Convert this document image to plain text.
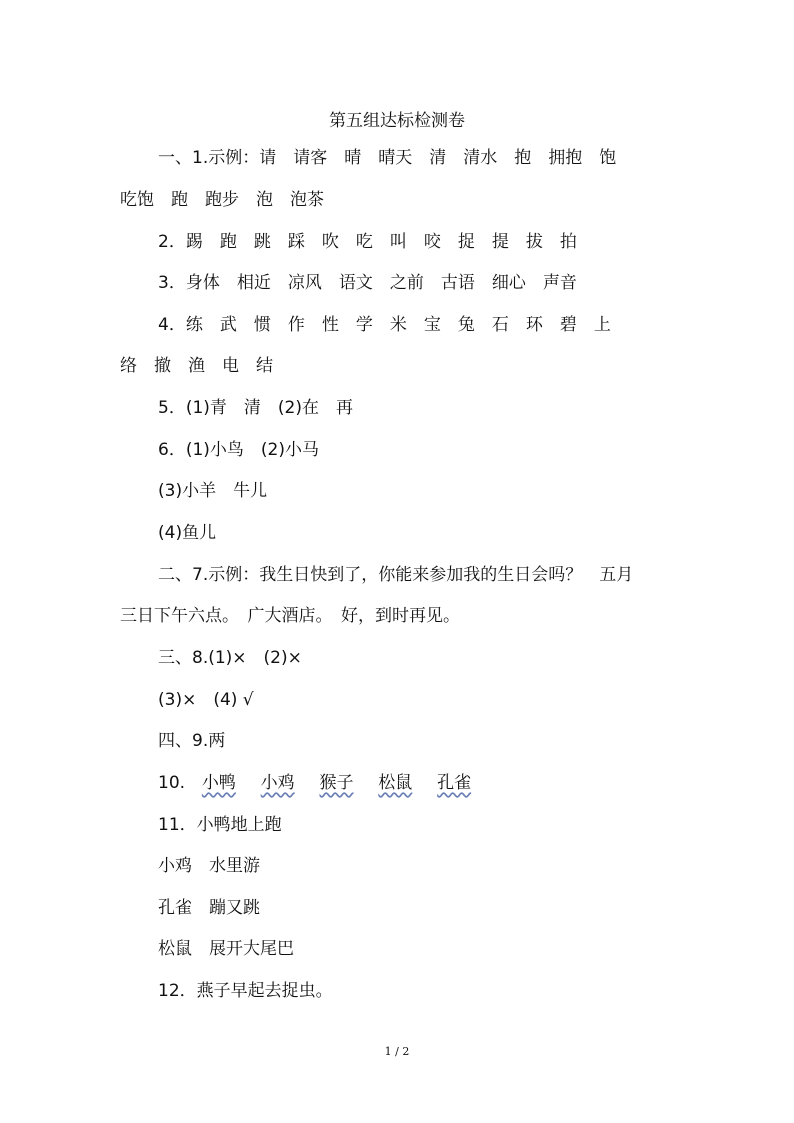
第五组达标检测卷
一、1.示例：请　请客　晴　晴天　清　清水　抱　拥抱　饱
吃饱　跑　跑步　泡　泡茶
2．踢　跑　跳　踩　吹　吃　叫　咬　捉　提　拔　拍
3．身体　相近　凉风　语文　之前　古语　细心　声音
4．练　武　惯　作　性　学　米　宝　兔　石　环　碧　上
络　撤　渔　电　结
5．(1)青　清　(2)在　再
6．(1)小鸟　(2)小马
(3)小羊　牛儿
(4)鱼儿
二、7.示例：我生日快到了，你能来参加我的生日会吗？　五月
三日下午六点。　广大酒店。　好，到时再见。
三、8.(1)×　(2)×
(3)×　(4) √
四、9.两
10. 小鸭 小鸡 猴子 松鼠 孔雀
11．小鸭地上跑
小鸡　水里游
孔雀　蹦又跳
松鼠　展开大尾巴
12．燕子早起去捉虫。
1 / 2
